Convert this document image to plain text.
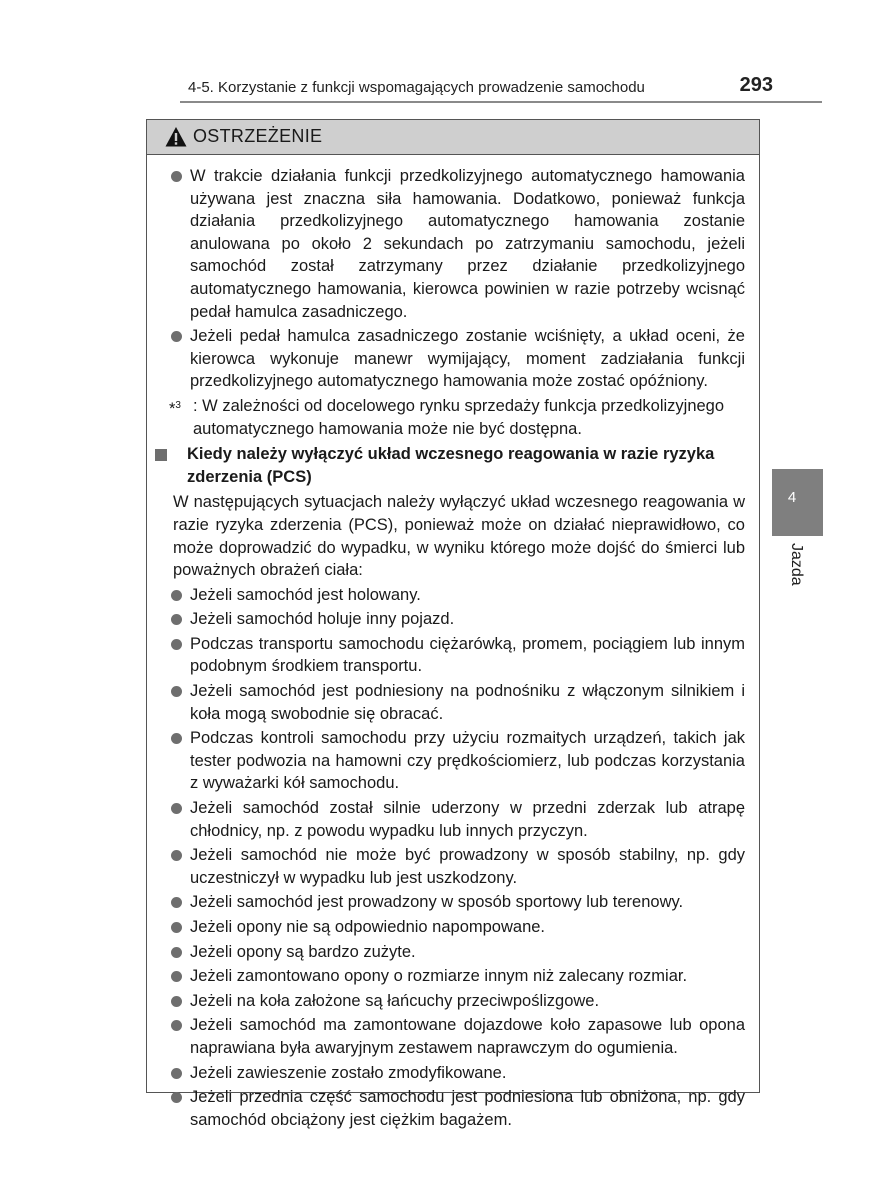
4-5. Korzystanie z funkcji wspomagających prowadzenie samochodu	293
OSTRZEŻENIE
W trakcie działania funkcji przedkolizyjnego automatycznego hamowania używana jest znaczna siła hamowania. Dodatkowo, ponieważ funkcja działania przedkolizyjnego automatycznego hamowania zostanie anulowana po około 2 sekundach po zatrzymaniu samochodu, jeżeli samochód został zatrzymany przez działanie przedkolizyjnego automatycznego hamowania, kierowca powinien w razie potrzeby wcisnąć pedał hamulca zasadniczego.
Jeżeli pedał hamulca zasadniczego zostanie wciśnięty, a układ oceni, że kierowca wykonuje manewr wymijający, moment zadziałania funkcji przedkolizyjnego automatycznego hamowania może zostać opóźniony.
*$^3$ : W zależności od docelowego rynku sprzedaży funkcja przedkolizyjnego automatycznego hamowania może nie być dostępna.
Kiedy należy wyłączyć układ wczesnego reagowania w razie ryzyka zderzenia (PCS)
W następujących sytuacjach należy wyłączyć układ wczesnego reagowania w razie ryzyka zderzenia (PCS), ponieważ może on działać nieprawidłowo, co może doprowadzić do wypadku, w wyniku którego może dojść do śmierci lub poważnych obrażeń ciała:
Jeżeli samochód jest holowany.
Jeżeli samochód holuje inny pojazd.
Podczas transportu samochodu ciężarówką, promem, pociągiem lub innym podobnym środkiem transportu.
Jeżeli samochód jest podniesiony na podnośniku z włączonym silnikiem i koła mogą swobodnie się obracać.
Podczas kontroli samochodu przy użyciu rozmaitych urządzeń, takich jak tester podwozia na hamowni czy prędkościomierz, lub podczas korzystania z wyważarki kół samochodu.
Jeżeli samochód został silnie uderzony w przedni zderzak lub atrapę chłodnicy, np. z powodu wypadku lub innych przyczyn.
Jeżeli samochód nie może być prowadzony w sposób stabilny, np. gdy uczestniczył w wypadku lub jest uszkodzony.
Jeżeli samochód jest prowadzony w sposób sportowy lub terenowy.
Jeżeli opony nie są odpowiednio napompowane.
Jeżeli opony są bardzo zużyte.
Jeżeli zamontowano opony o rozmiarze innym niż zalecany rozmiar.
Jeżeli na koła założone są łańcuchy przeciwpoślizgowe.
Jeżeli samochód ma zamontowane dojazdowe koło zapasowe lub opona naprawiana była awaryjnym zestawem naprawczym do ogumienia.
Jeżeli zawieszenie zostało zmodyfikowane.
Jeżeli przednia część samochodu jest podniesiona lub obniżona, np. gdy samochód obciążony jest ciężkim bagażem.
4
Jazda
